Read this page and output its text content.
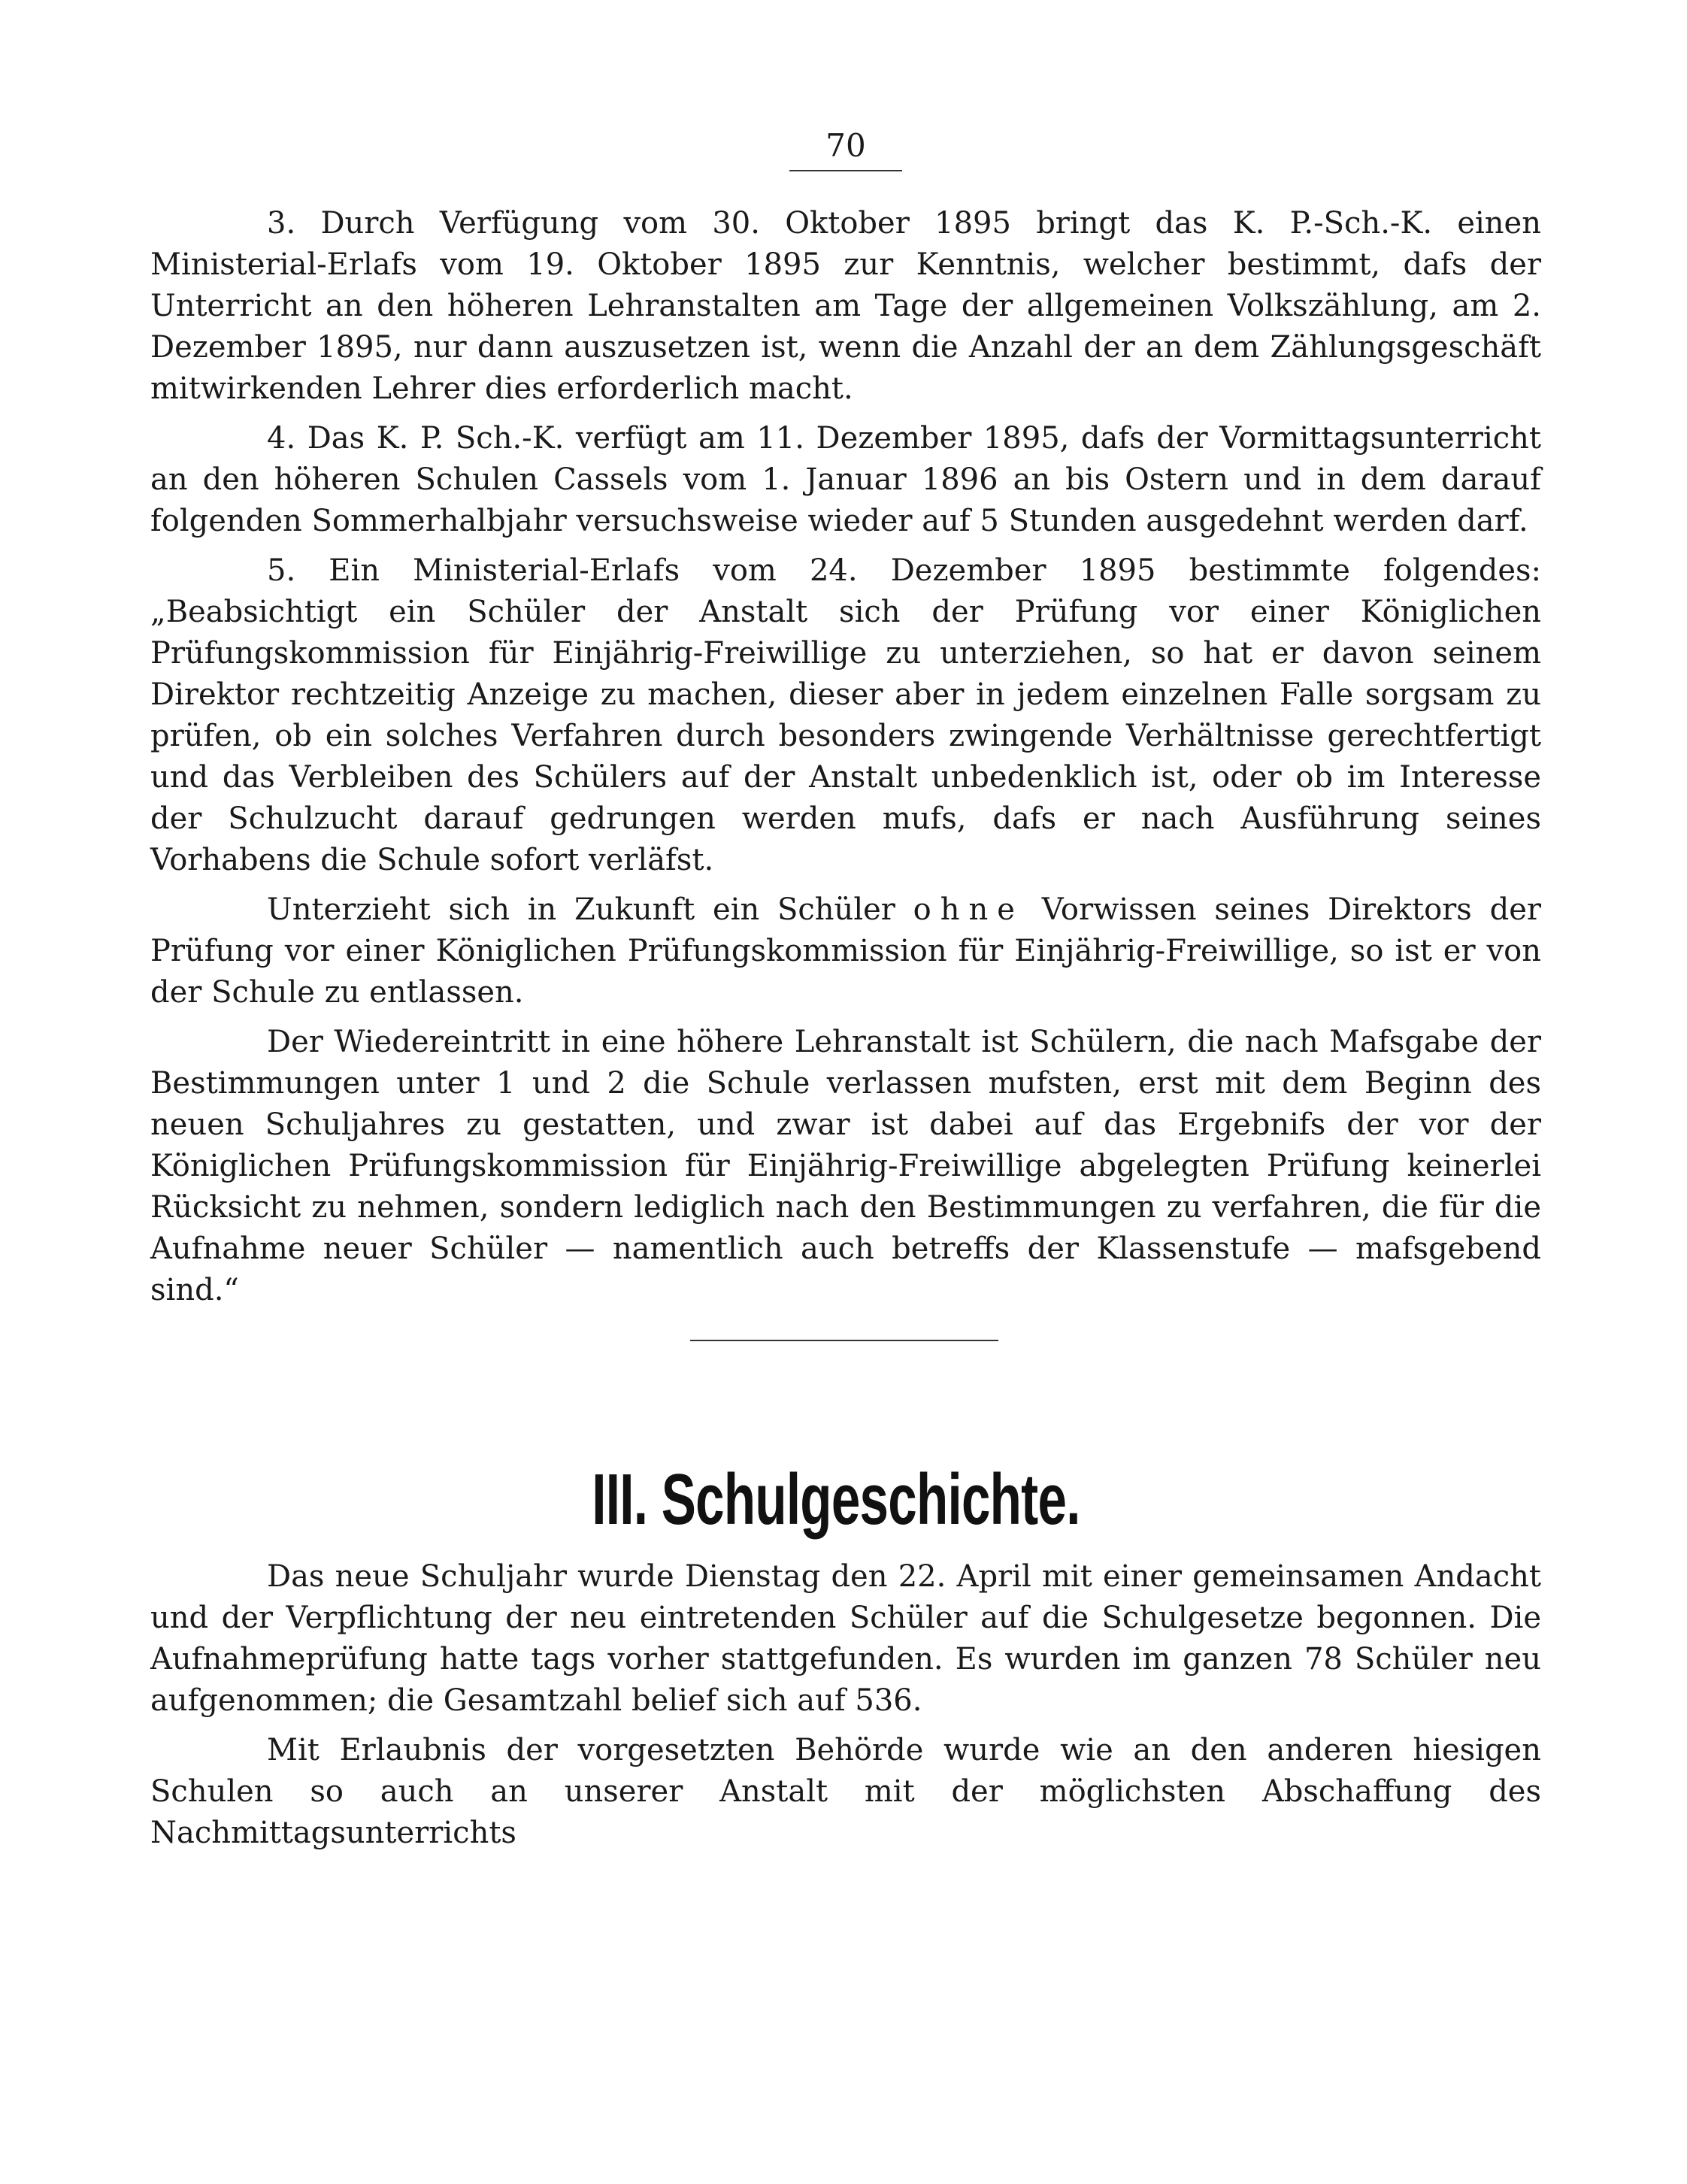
70

3. Durch Verfügung vom 30. Oktober 1895 bringt das K. P.-Sch.-K. einen Ministerial-Erlafs vom 19. Oktober 1895 zur Kenntnis, welcher bestimmt, dafs der Unterricht an den höheren Lehranstalten am Tage der allgemeinen Volkszählung, am 2. Dezember 1895, nur dann auszusetzen ist, wenn die Anzahl der an dem Zählungsgeschäft mitwirkenden Lehrer dies erforderlich macht.

4. Das K. P. Sch.-K. verfügt am 11. Dezember 1895, dafs der Vormittagsunterricht an den höheren Schulen Cassels vom 1. Januar 1896 an bis Ostern und in dem darauf folgenden Sommerhalbjahr versuchsweise wieder auf 5 Stunden ausgedehnt werden darf.

5. Ein Ministerial-Erlafs vom 24. Dezember 1895 bestimmte folgendes: „Beabsichtigt ein Schüler der Anstalt sich der Prüfung vor einer Königlichen Prüfungskommission für Einjährig-Freiwillige zu unterziehen, so hat er davon seinem Direktor rechtzeitig Anzeige zu machen, dieser aber in jedem einzelnen Falle sorgsam zu prüfen, ob ein solches Verfahren durch besonders zwingende Verhältnisse gerechtfertigt und das Verbleiben des Schülers auf der Anstalt unbedenklich ist, oder ob im Interesse der Schulzucht darauf gedrungen werden mufs, dafs er nach Ausführung seines Vorhabens die Schule sofort verläfst.

Unterzieht sich in Zukunft ein Schüler ohne Vorwissen seines Direktors der Prüfung vor einer Königlichen Prüfungskommission für Einjährig-Freiwillige, so ist er von der Schule zu entlassen.

Der Wiedereintritt in eine höhere Lehranstalt ist Schülern, die nach Mafsgabe der Bestimmungen unter 1 und 2 die Schule verlassen mufsten, erst mit dem Beginn des neuen Schuljahres zu gestatten, und zwar ist dabei auf das Ergebnifs der vor der Königlichen Prüfungskommission für Einjährig-Freiwillige abgelegten Prüfung keinerlei Rücksicht zu nehmen, sondern lediglich nach den Bestimmungen zu verfahren, die für die Aufnahme neuer Schüler — namentlich auch betreffs der Klassenstufe — mafsgebend sind.“

III. Schulgeschichte.

Das neue Schuljahr wurde Dienstag den 22. April mit einer gemeinsamen Andacht und der Verpflichtung der neu eintretenden Schüler auf die Schulgesetze begonnen. Die Aufnahmeprüfung hatte tags vorher stattgefunden. Es wurden im ganzen 78 Schüler neu aufgenommen; die Gesamtzahl belief sich auf 536.

Mit Erlaubnis der vorgesetzten Behörde wurde wie an den anderen hiesigen Schulen so auch an unserer Anstalt mit der möglichsten Abschaffung des Nachmittagsunterrichts
